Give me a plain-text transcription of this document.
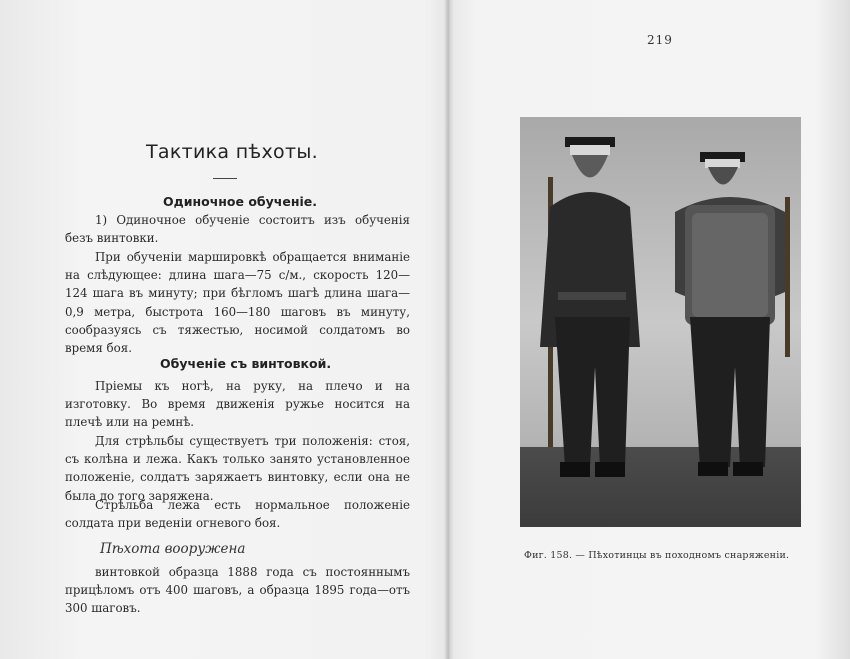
Тактика пѣхоты.
Одиночное обученіе.
1) Одиночное обученіе состоитъ изъ обученія безъ винтовки.
При обученіи маршировкѣ обращается вниманіе на слѣдующее: длина шага—75 с/м., скорость 120—124 шага въ минуту; при бѣгломъ шагѣ длина шага—0,9 метра, быстрота 160—180 шаговъ въ минуту, сообразуясь съ тяжестью, носимой солдатомъ во время боя.
Обученіе съ винтовкой.
Пріемы къ ногѣ, на руку, на плечо и на изготовку. Во время движенія ружье носится на плечѣ или на ремнѣ.
Для стрѣльбы существуетъ три положенія: стоя, съ колѣна и лежа. Какъ только занято установленное положеніе, солдатъ заряжаетъ винтовку, если она не была до того заряжена.
Стрѣльба лежа есть нормальное положеніе солдата при веденіи огневого боя.
Пѣхота вооружена
винтовкой образца 1888 года съ постояннымъ прицѣломъ отъ 400 шаговъ, а образца 1895 года—отъ 300 шаговъ.
219
Фиг. 158. — Пѣхотинцы въ походномъ снаряженіи.
